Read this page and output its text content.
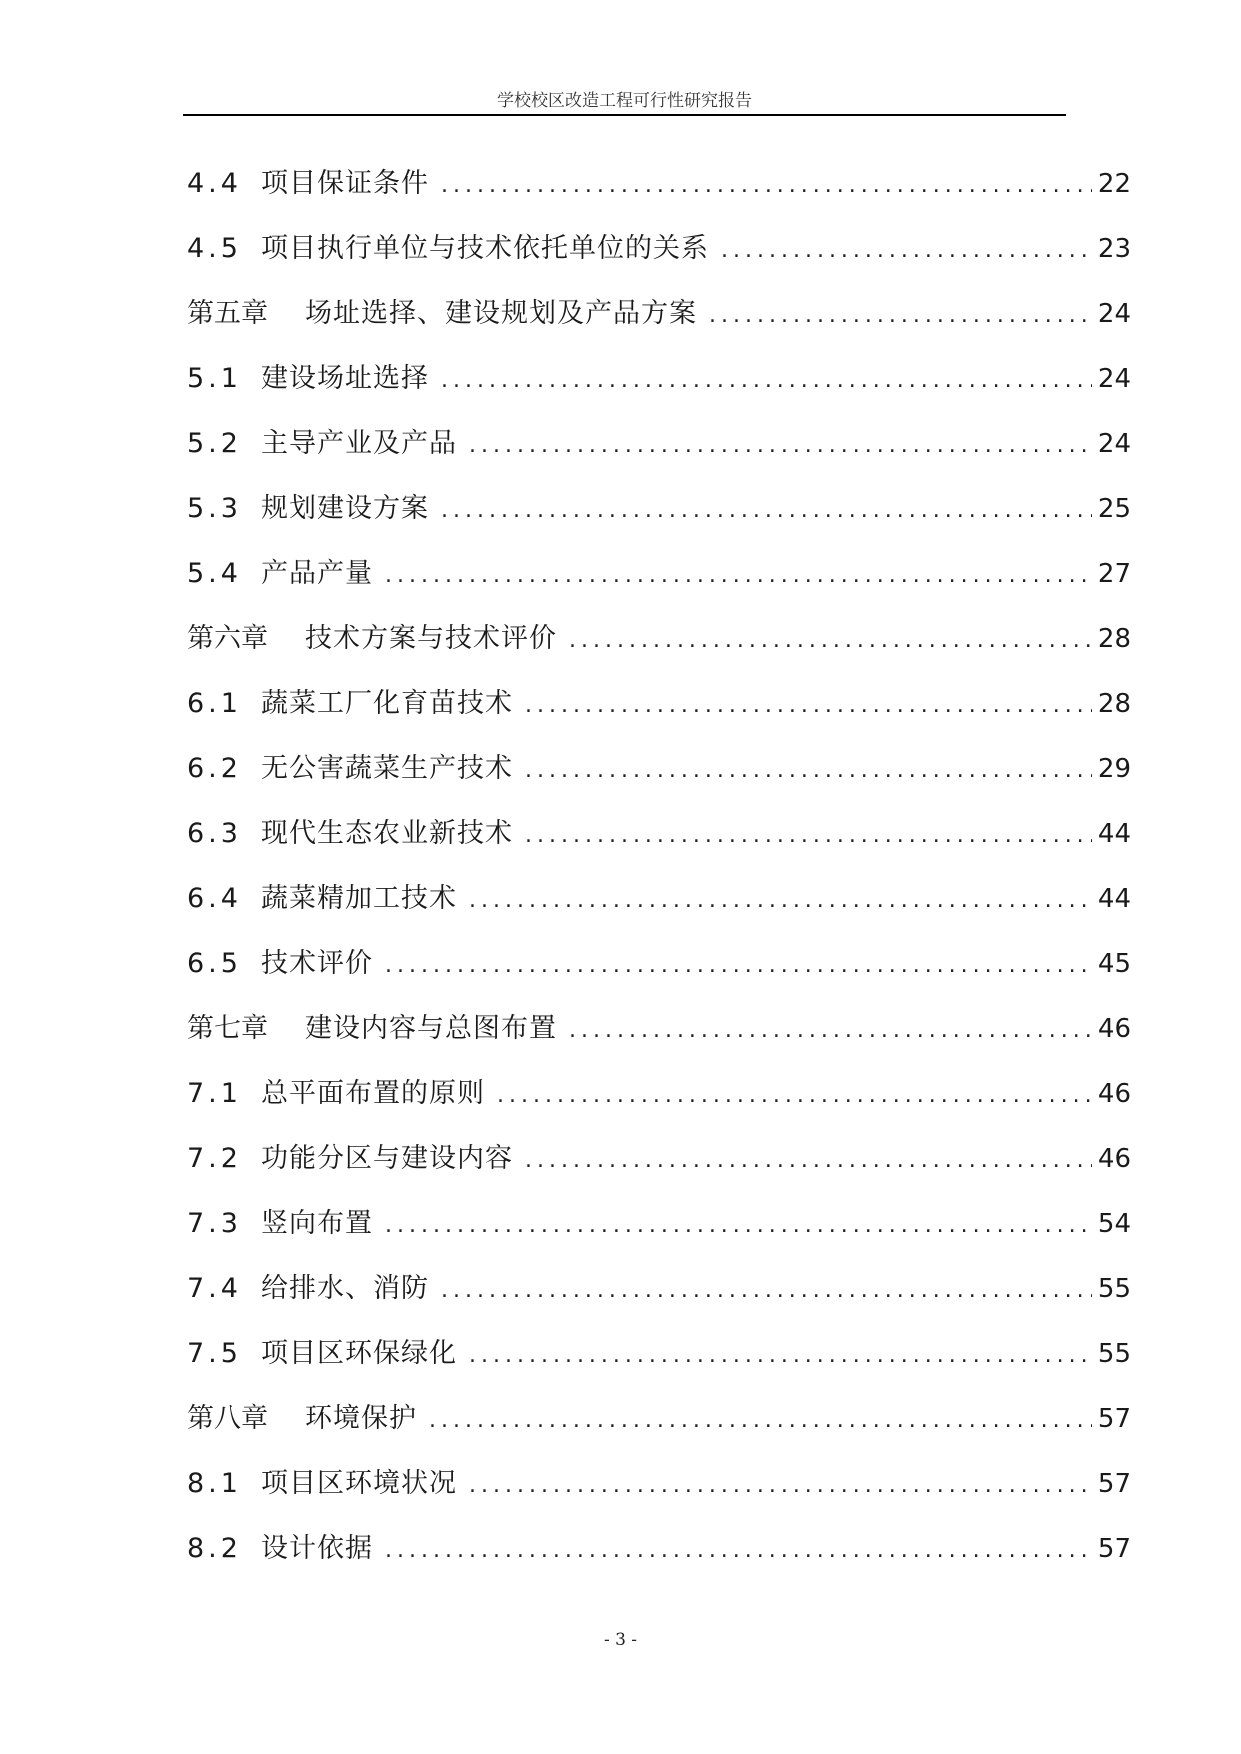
学校校区改造工程可行性研究报告
4.4 项目保证条件 .....	22
4.5 项目执行单位与技术依托单位的关系 .....	23
第五章	场址选择、建设规划及产品方案 .....	24
5.1 建设场址选择 .....	24
5.2 主导产业及产品 .....	24
5.3 规划建设方案 .....	25
5.4 产品产量 .....	27
第六章	技术方案与技术评价 .....	28
6.1 蔬菜工厂化育苗技术 .....	28
6.2 无公害蔬菜生产技术 .....	29
6.3 现代生态农业新技术 .....	44
6.4 蔬菜精加工技术 .....	44
6.5 技术评价 .....	45
第七章	建设内容与总图布置 .....	46
7.1 总平面布置的原则 .....	46
7.2 功能分区与建设内容 .....	46
7.3 竖向布置 .....	54
7.4 给排水、消防 .....	55
7.5 项目区环保绿化 .....	55
第八章	环境保护 .....	57
8.1 项目区环境状况 .....	57
8.2 设计依据 .....	57
- 3 -
